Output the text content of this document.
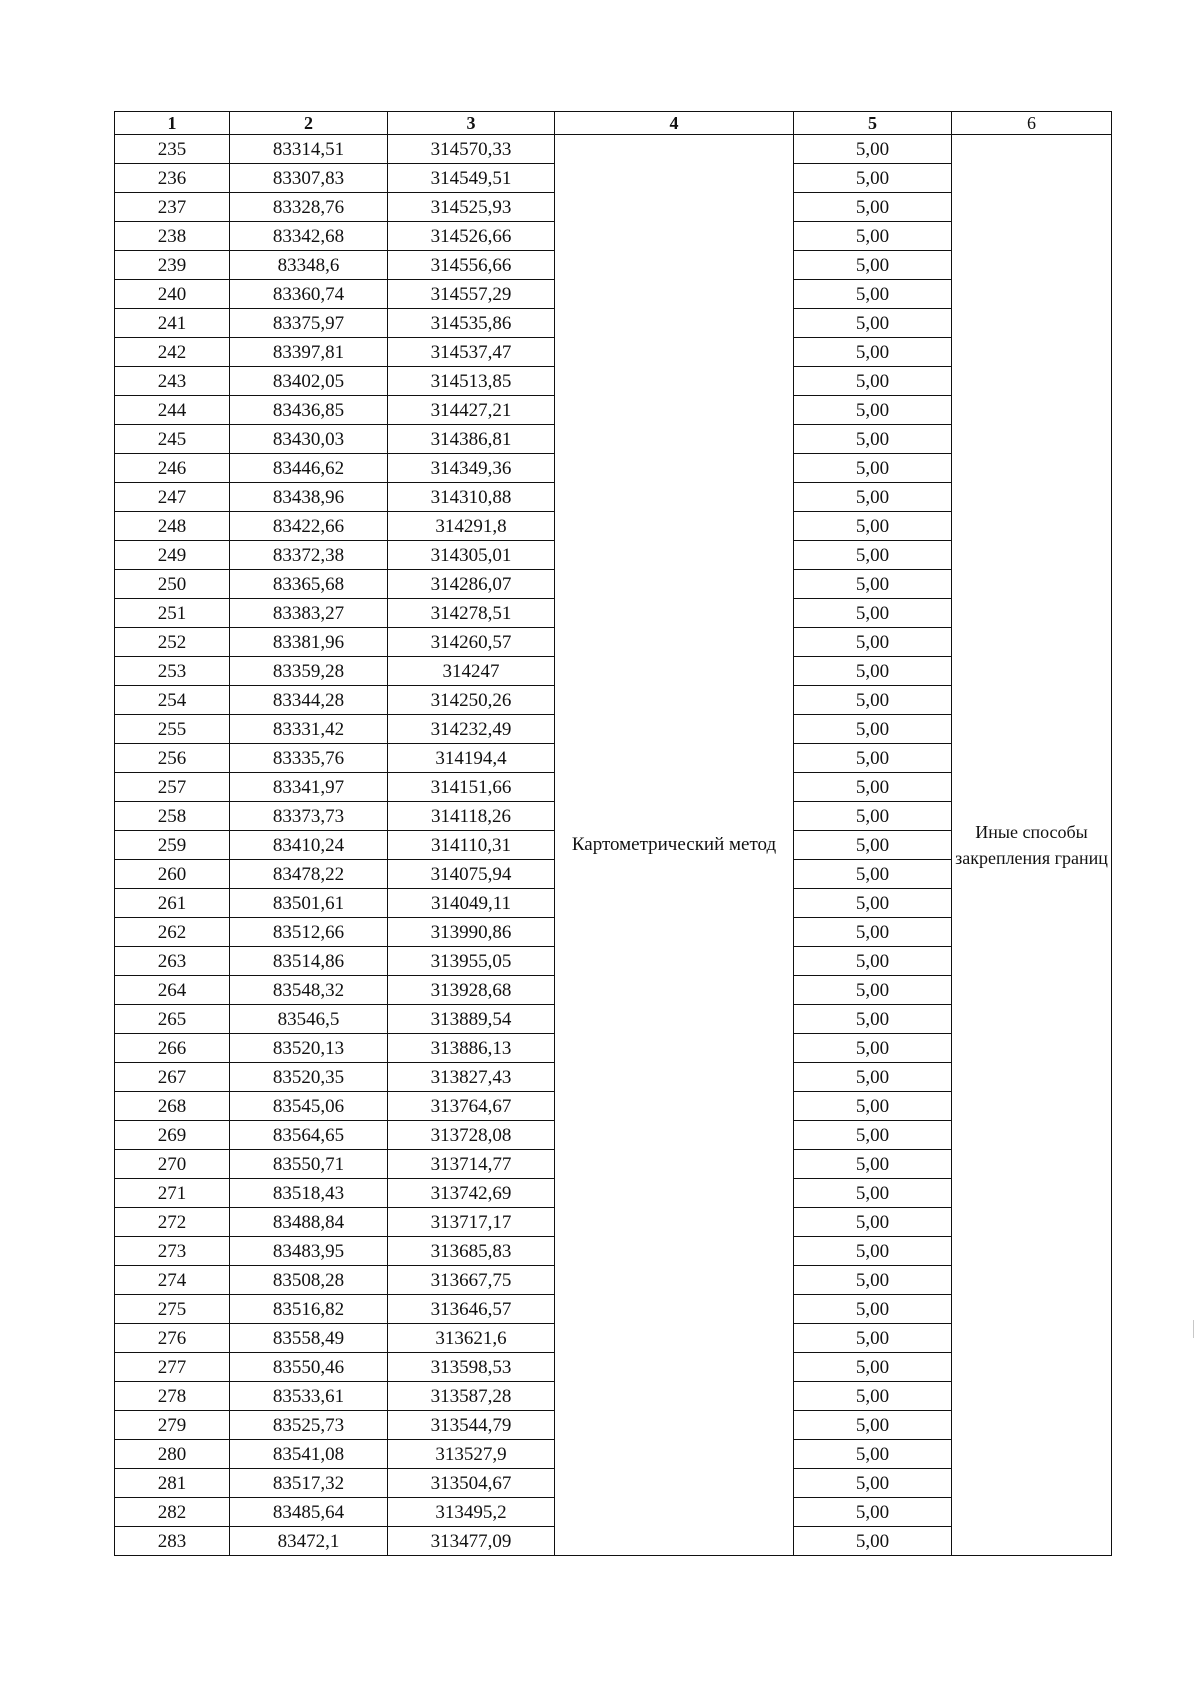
1	2	3	4	5	6
235	83314,51	314570,33	Картометрический метод	5,00	Иные способы закрепления границ
236	83307,83	314549,51		5,00	
237	83328,76	314525,93		5,00	
238	83342,68	314526,66		5,00	
239	83348,6	314556,66		5,00	
240	83360,74	314557,29		5,00	
241	83375,97	314535,86		5,00	
242	83397,81	314537,47		5,00	
243	83402,05	314513,85		5,00	
244	83436,85	314427,21		5,00	
245	83430,03	314386,81		5,00	
246	83446,62	314349,36		5,00	
247	83438,96	314310,88		5,00	
248	83422,66	314291,8		5,00	
249	83372,38	314305,01		5,00	
250	83365,68	314286,07		5,00	
251	83383,27	314278,51		5,00	
252	83381,96	314260,57		5,00	
253	83359,28	314247		5,00	
254	83344,28	314250,26		5,00	
255	83331,42	314232,49		5,00	
256	83335,76	314194,4		5,00	
257	83341,97	314151,66		5,00	
258	83373,73	314118,26		5,00	
259	83410,24	314110,31		5,00	
260	83478,22	314075,94		5,00	
261	83501,61	314049,11		5,00	
262	83512,66	313990,86		5,00	
263	83514,86	313955,05		5,00	
264	83548,32	313928,68		5,00	
265	83546,5	313889,54		5,00	
266	83520,13	313886,13		5,00	
267	83520,35	313827,43		5,00	
268	83545,06	313764,67		5,00	
269	83564,65	313728,08		5,00	
270	83550,71	313714,77		5,00	
271	83518,43	313742,69		5,00	
272	83488,84	313717,17		5,00	
273	83483,95	313685,83		5,00	
274	83508,28	313667,75		5,00	
275	83516,82	313646,57		5,00	
276	83558,49	313621,6		5,00	
277	83550,46	313598,53		5,00	
278	83533,61	313587,28		5,00	
279	83525,73	313544,79		5,00	
280	83541,08	313527,9		5,00	
281	83517,32	313504,67		5,00	
282	83485,64	313495,2		5,00	
283	83472,1	313477,09		5,00	
